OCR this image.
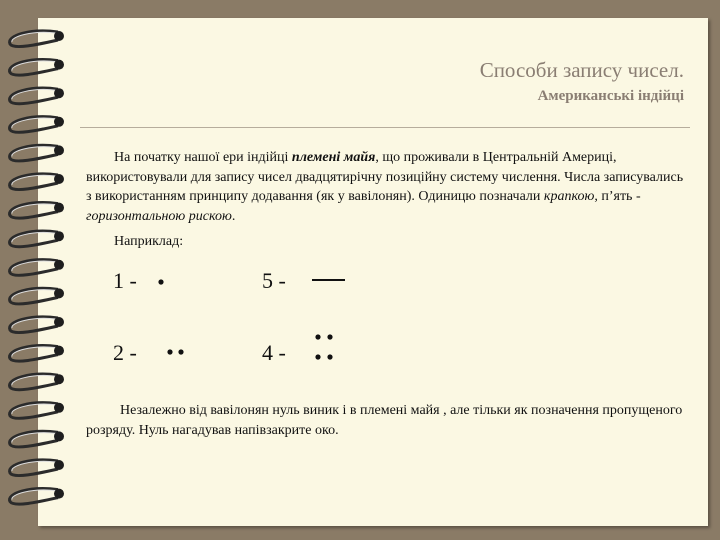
Способи запису чисел.
Американські індійці

На початку нашої ери індійці племені майя, що проживали в Центральній Америці, використовували для запису чисел двадцятирічну позиційну систему числення. Числа записувались з використанням принципу додавання (як у вавілонян). Одиницю позначали крапкою, п’ять - горизонтальною рискою.

Наприклад:

1 -	5 -
2 -	4 -

Незалежно від вавілонян нуль виник і в племені майя , але тільки як позначення пропущеного розряду. Нуль нагадував напівзакрите око.
